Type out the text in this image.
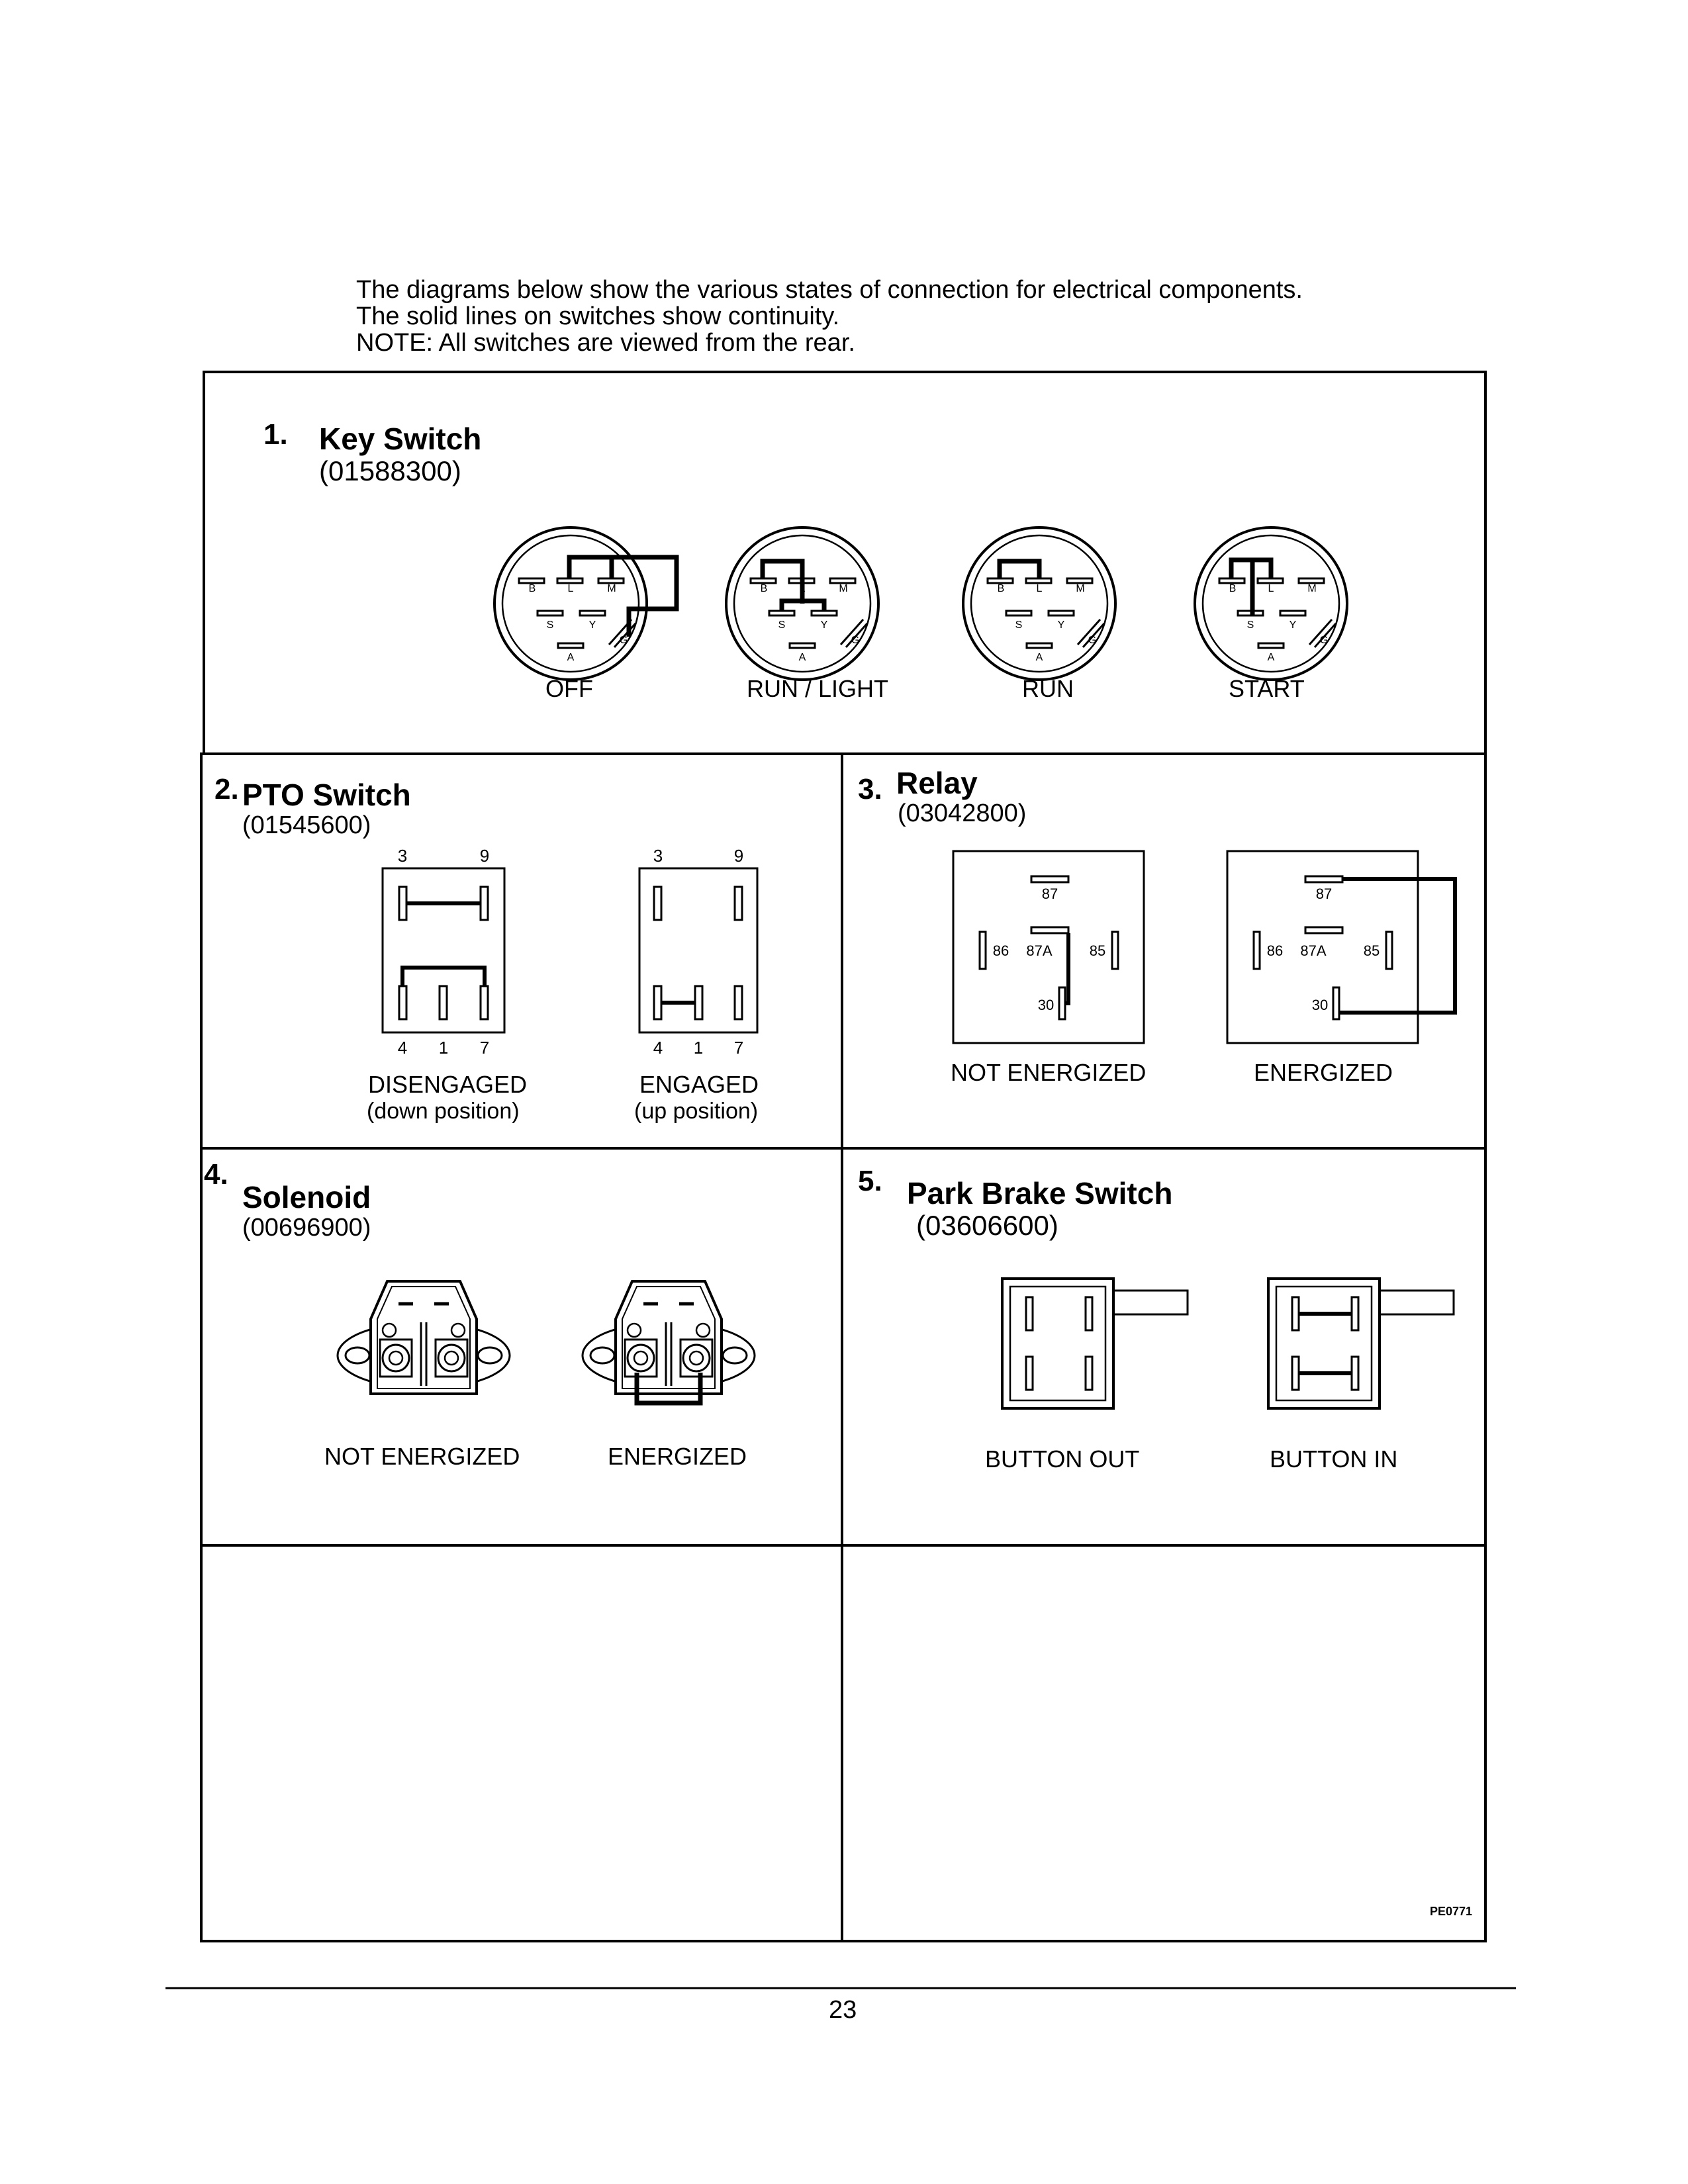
The diagrams below show the various states of connection for electrical components.
The solid lines on switches show continuity.
NOTE: All switches are viewed from the rear.
B	L	M
S	Y
G
A
B	L	M
S	Y
G
A
B	L	M
S	Y
G
A
B	L	M
S	Y
G
A
3	9
4 1 7
3	9
4 1 7
87
86 87A	85
30
87
86 87A	85
30
1. Key Switch
(01588300)
OFF	RUN / LIGHT	RUN	START
2. PTO Switch
(01545600)
DISENGAGED
(down position)
ENGAGED
(up position)
3. Relay
(03042800)
NOT ENERGIZED	ENERGIZED
4.
Solenoid
(00696900)
NOT ENERGIZED	ENERGIZED
5. Park Brake Switch
(03606600)
BUTTON OUT	BUTTON IN
PE0771
23
